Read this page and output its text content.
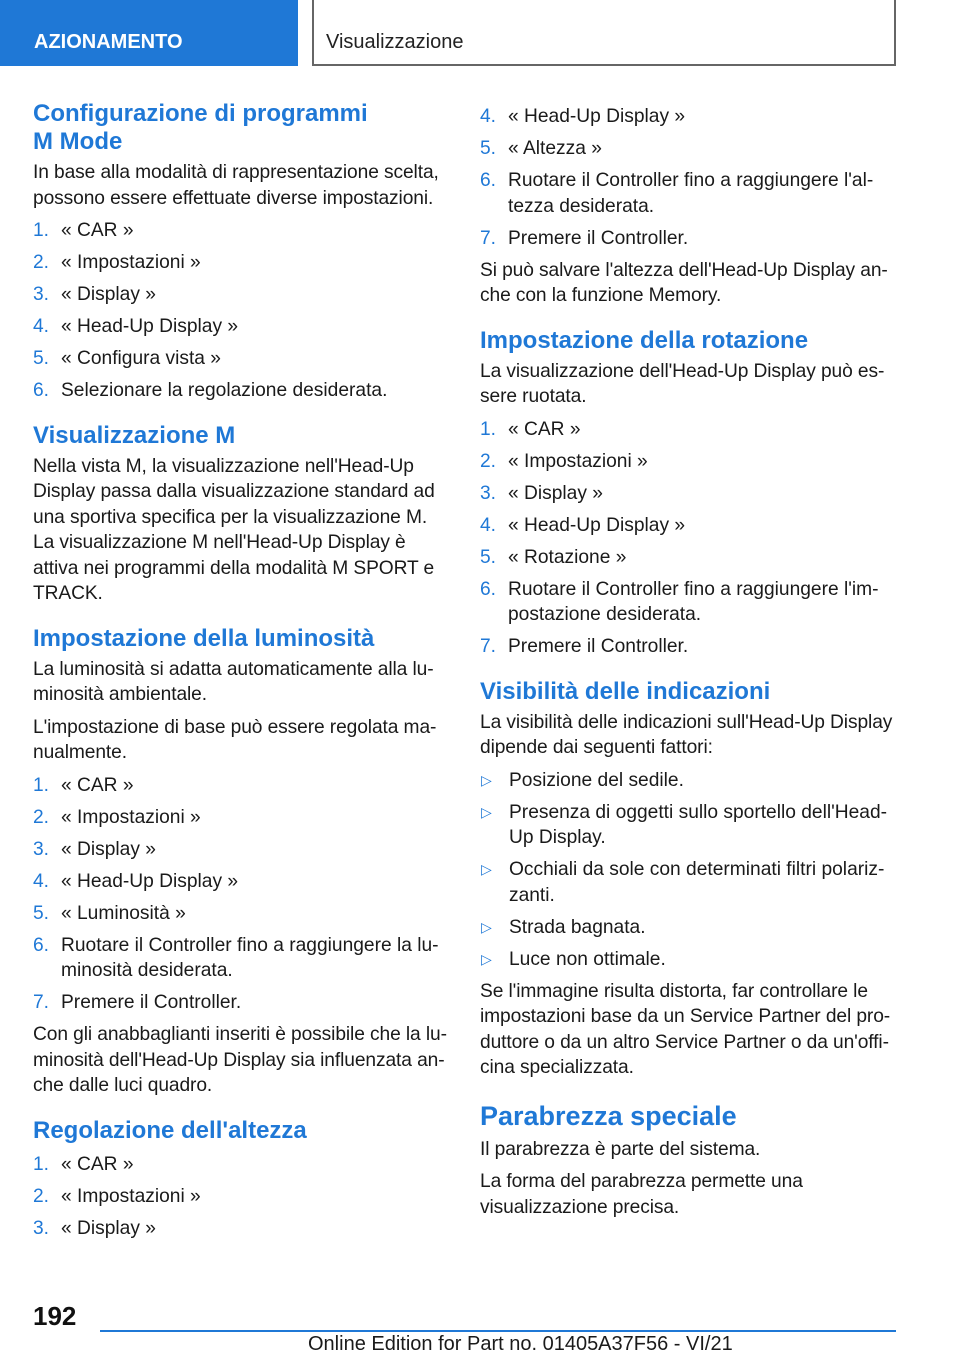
AZIONAMENTO	Visualizzazione
Configurazione di programmi
M Mode

In base alla modalità di rappresentazione scelta, possono essere effettuate diverse impostazioni.

1. « CAR »
2. « Impostazioni »
3. « Display »
4. « Head-Up Display »
5. « Configura vista »
6. Selezionare la regolazione desiderata.
Visualizzazione M

Nella vista M, la visualizzazione nell'Head-Up Display passa dalla visualizzazione standard ad una sportiva specifica per la visualizzazione M. La visualizzazione M nell'Head-Up Display è attiva nei programmi della modalità M SPORT e TRACK.

Impostazione della luminosità

La luminosità si adatta automaticamente alla luminosità ambientale.

L'impostazione di base può essere regolata manualmente.

1. « CAR »
2. « Impostazioni »
3. « Display »
4. « Head-Up Display »
5. « Luminosità »
6. Ruotare il Controller fino a raggiungere la luminosità desiderata.
7. Premere il Controller.

Con gli anabbaglianti inseriti è possibile che la luminosità dell'Head-Up Display sia influenzata anche dalle luci quadro.

Regolazione dell'altezza
1. « CAR »
2. « Impostazioni »
3. « Display »
4. « Head-Up Display »
5. « Altezza »
6. Ruotare il Controller fino a raggiungere l'altezza desiderata.
7. Premere il Controller.

Si può salvare l'altezza dell'Head-Up Display anche con la funzione Memory.

Impostazione della rotazione

La visualizzazione dell'Head-Up Display può essere ruotata.

1. « CAR »
2. « Impostazioni »
3. « Display »
4. « Head-Up Display »
5. « Rotazione »
6. Ruotare il Controller fino a raggiungere l'impostazione desiderata.
7. Premere il Controller.
Visibilità delle indicazioni

La visibilità delle indicazioni sull'Head-Up Display dipende dai seguenti fattori:

▷ Posizione del sedile.
▷ Presenza di oggetti sullo sportello dell'Head-Up Display.
▷ Occhiali da sole con determinati filtri polarizzanti.
▷ Strada bagnata.
▷ Luce non ottimale.

Se l'immagine risulta distorta, far controllare le impostazioni base da un Service Partner del produttore o da un altro Service Partner o da un'officina specializzata.

Parabrezza speciale

Il parabrezza è parte del sistema.

La forma del parabrezza permette una visualizzazione precisa.

192
Online Edition for Part no. 01405A37F56 - VI/21
